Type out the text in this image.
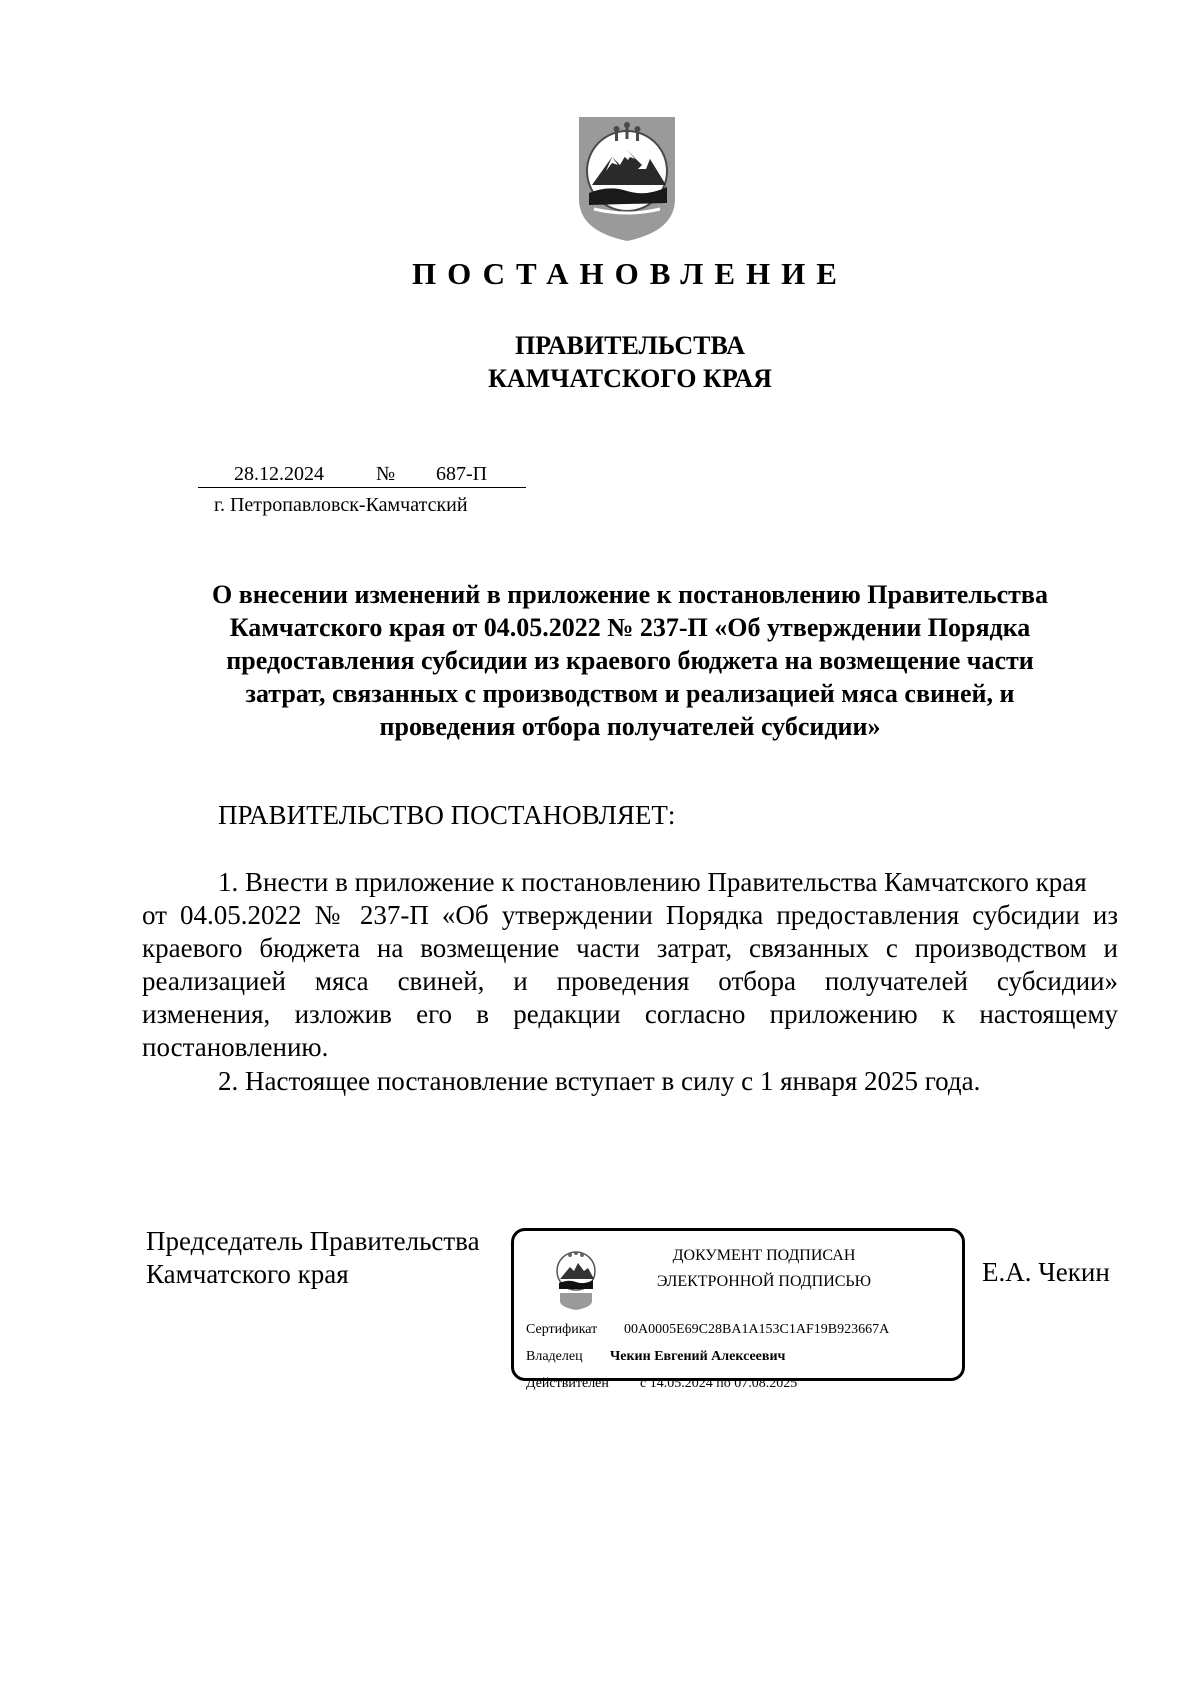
ПОСТАНОВЛЕНИЕ
ПРАВИТЕЛЬСТВА
КАМЧАТСКОГО КРАЯ
28.12.2024	№ 687-П
г. Петропавловск-Камчатский
О внесении изменений в приложение к постановлению Правительства
Камчатского края от 04.05.2022 № 237-П «Об утверждении Порядка
предоставления субсидии из краевого бюджета на возмещение части
затрат, связанных с производством и реализацией мяса свиней, и
проведения отбора получателей субсидии»
ПРАВИТЕЛЬСТВО ПОСТАНОВЛЯЕТ:
1. Внести в приложение к постановлению Правительства Камчатского края
от 04.05.2022 № 237-П «Об утверждении Порядка предоставления субсидии из
краевого бюджета на возмещение части затрат, связанных с производством и
реализацией мяса свиней, и проведения отбора получателей субсидии»
изменения, изложив его в редакции согласно приложению к настоящему
постановлению.
2. Настоящее постановление вступает в силу с 1 января 2025 года.
Председатель Правительства
Камчатского края	Е.А. Чекин
ДОКУМЕНТ ПОДПИСАН
ЭЛЕКТРОННОЙ ПОДПИСЬЮ
Сертификат 00A0005E69C28BA1A153C1AF19B923667A
Владелец Чекин Евгений Алексеевич
Действителен с 14.05.2024 по 07.08.2025
